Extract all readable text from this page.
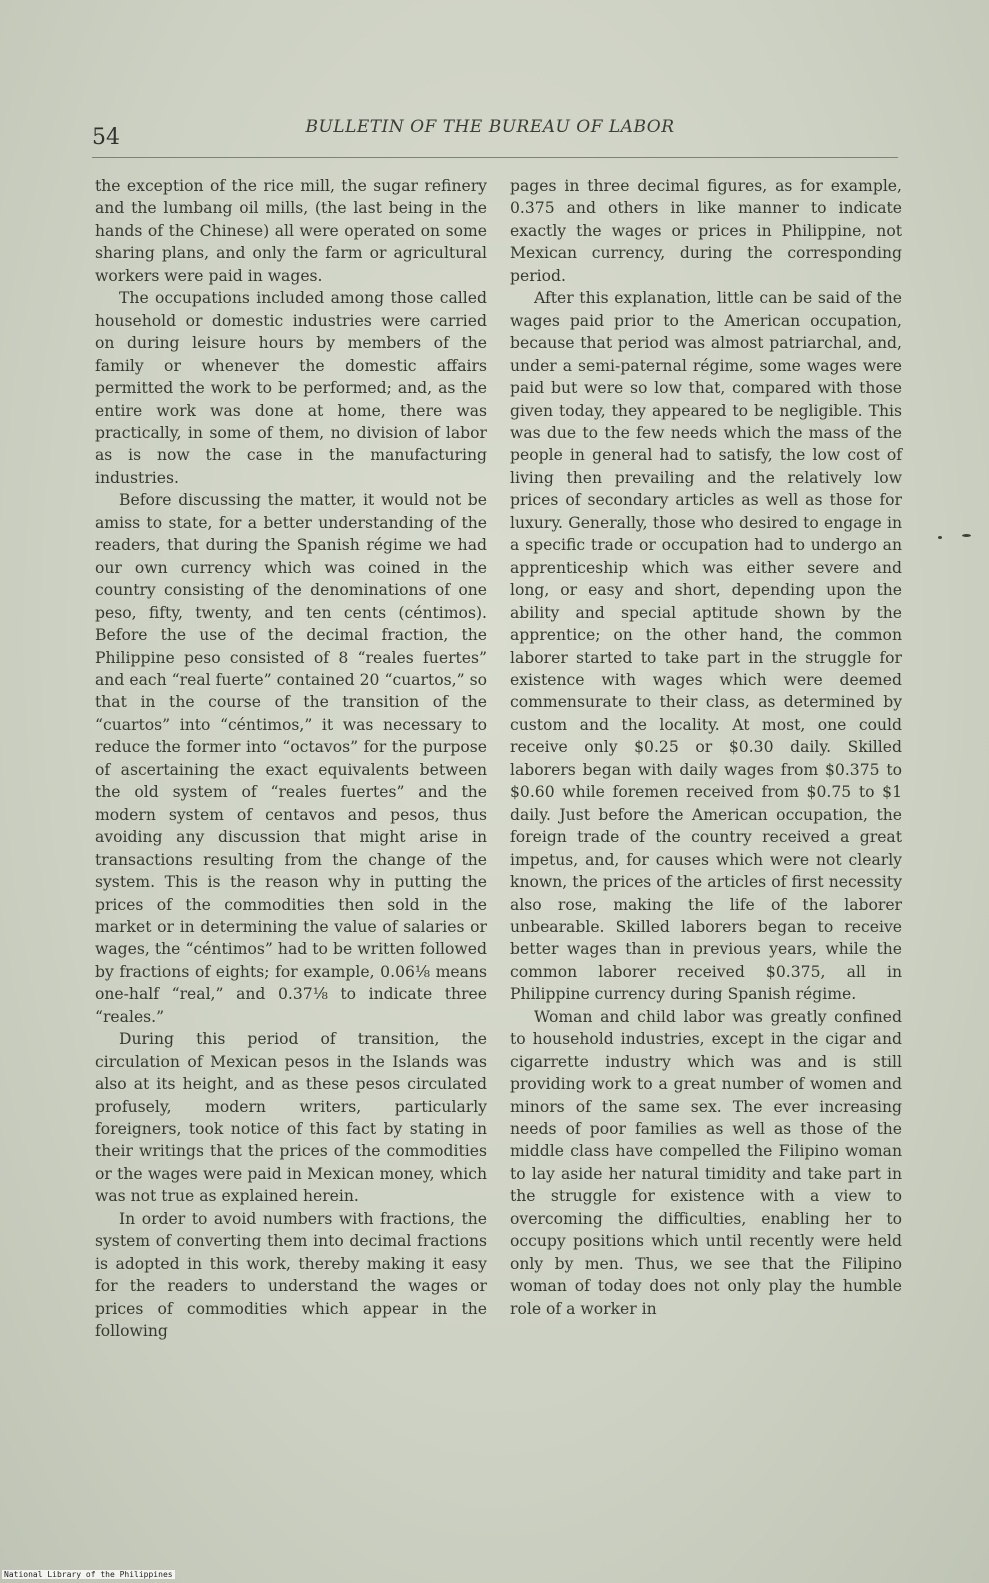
54	BULLETIN OF THE BUREAU OF LABOR

the exception of the rice mill, the sugar refinery and the lumbang oil mills, (the last being in the hands of the Chinese) all were operated on some sharing plans, and only the farm or agricultural workers were paid in wages.

The occupations included among those called household or domestic industries were carried on during leisure hours by members of the family or whenever the domestic affairs permitted the work to be performed; and, as the entire work was done at home, there was practically, in some of them, no division of labor as is now the case in the manufacturing industries.

Before discussing the matter, it would not be amiss to state, for a better understanding of the readers, that during the Spanish régime we had our own currency which was coined in the country consisting of the denominations of one peso, fifty, twenty, and ten cents (céntimos). Before the use of the decimal fraction, the Philippine peso consisted of 8 “reales fuertes” and each “real fuerte” contained 20 “cuartos,” so that in the course of the transition of the “cuartos” into “céntimos,” it was necessary to reduce the former into “octavos” for the purpose of ascertaining the exact equivalents between the old system of “reales fuertes” and the modern system of centavos and pesos, thus avoiding any discussion that might arise in transactions resulting from the change of the system. This is the reason why in putting the prices of the commodities then sold in the market or in determining the value of salaries or wages, the “céntimos” had to be written followed by fractions of eights; for example, 0.06⅛ means one-half “real,” and 0.37⅛ to indicate three “reales.”

During this period of transition, the circulation of Mexican pesos in the Islands was also at its height, and as these pesos circulated profusely, modern writers, particularly foreigners, took notice of this fact by stating in their writings that the prices of the commodities or the wages were paid in Mexican money, which was not true as explained herein.

In order to avoid numbers with fractions, the system of converting them into decimal fractions is adopted in this work, thereby making it easy for the readers to understand the wages or prices of commodities which appear in the following

pages in three decimal figures, as for example, 0.375 and others in like manner to indicate exactly the wages or prices in Philippine, not Mexican currency, during the corresponding period.

After this explanation, little can be said of the wages paid prior to the American occupation, because that period was almost patriarchal, and, under a semi-paternal régime, some wages were paid but were so low that, compared with those given today, they appeared to be negligible. This was due to the few needs which the mass of the people in general had to satisfy, the low cost of living then prevailing and the relatively low prices of secondary articles as well as those for luxury. Generally, those who desired to engage in a specific trade or occupation had to undergo an apprenticeship which was either severe and long, or easy and short, depending upon the ability and special aptitude shown by the apprentice; on the other hand, the common laborer started to take part in the struggle for existence with wages which were deemed commensurate to their class, as determined by custom and the locality. At most, one could receive only $0.25 or $0.30 daily. Skilled laborers began with daily wages from $0.375 to $0.60 while foremen received from $0.75 to $1 daily. Just before the American occupation, the foreign trade of the country received a great impetus, and, for causes which were not clearly known, the prices of the articles of first necessity also rose, making the life of the laborer unbearable. Skilled laborers began to receive better wages than in previous years, while the common laborer received $0.375, all in Philippine currency during Spanish régime.

Woman and child labor was greatly confined to household industries, except in the cigar and cigarrette industry which was and is still providing work to a great number of women and minors of the same sex. The ever increasing needs of poor families as well as those of the middle class have compelled the Filipino woman to lay aside her natural timidity and take part in the struggle for existence with a view to overcoming the difficulties, enabling her to occupy positions which until recently were held only by men. Thus, we see that the Filipino woman of today does not only play the humble role of a worker in

National Library of the Philippines
